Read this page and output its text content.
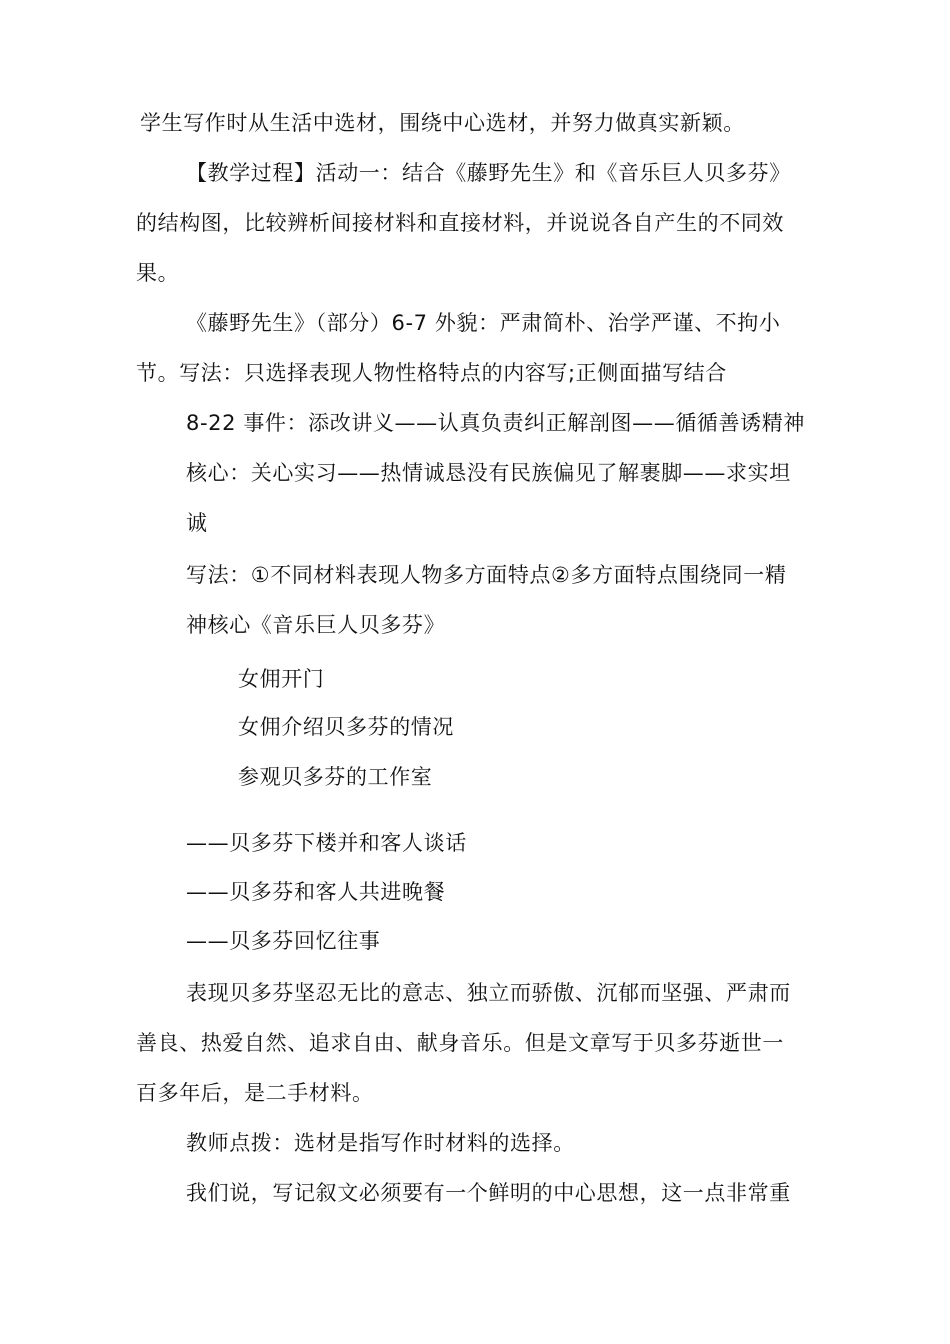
学生写作时从生活中选材，围绕中心选材，并努力做真实新颖。
【教学过程】活动一：结合《藤野先生》和《音乐巨人贝多芬》
的结构图，比较辨析间接材料和直接材料，并说说各自产生的不同效
果。
《藤野先生》（部分）6-7 外貌：严肃简朴、治学严谨、不拘小
节。写法：只选择表现人物性格特点的内容写;正侧面描写结合
8-22 事件：添改讲义——认真负责纠正解剖图——循循善诱精神
核心：关心实习——热情诚恳没有民族偏见了解裹脚——求实坦
诚
写法：①不同材料表现人物多方面特点②多方面特点围绕同一精
神核心《音乐巨人贝多芬》
女佣开门
女佣介绍贝多芬的情况
参观贝多芬的工作室
——贝多芬下楼并和客人谈话
——贝多芬和客人共进晚餐
——贝多芬回忆往事
表现贝多芬坚忍无比的意志、独立而骄傲、沉郁而坚强、严肃而
善良、热爱自然、追求自由、献身音乐。但是文章写于贝多芬逝世一
百多年后，是二手材料。
教师点拨：选材是指写作时材料的选择。
我们说，写记叙文必须要有一个鲜明的中心思想，这一点非常重
